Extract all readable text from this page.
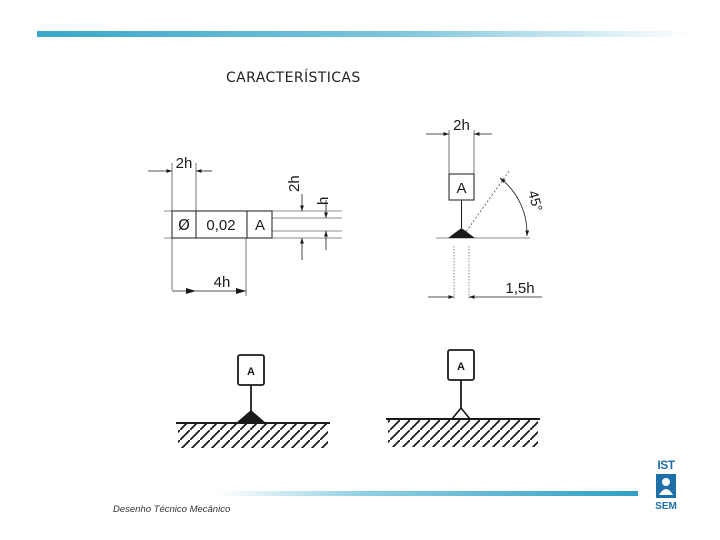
CARACTERÍSTICAS
Ø 0,02 A
2h
4h
2h
h
A
2h
45°
1,5h
A	A
Desenho Técnico Mecânico
IST
SEM
